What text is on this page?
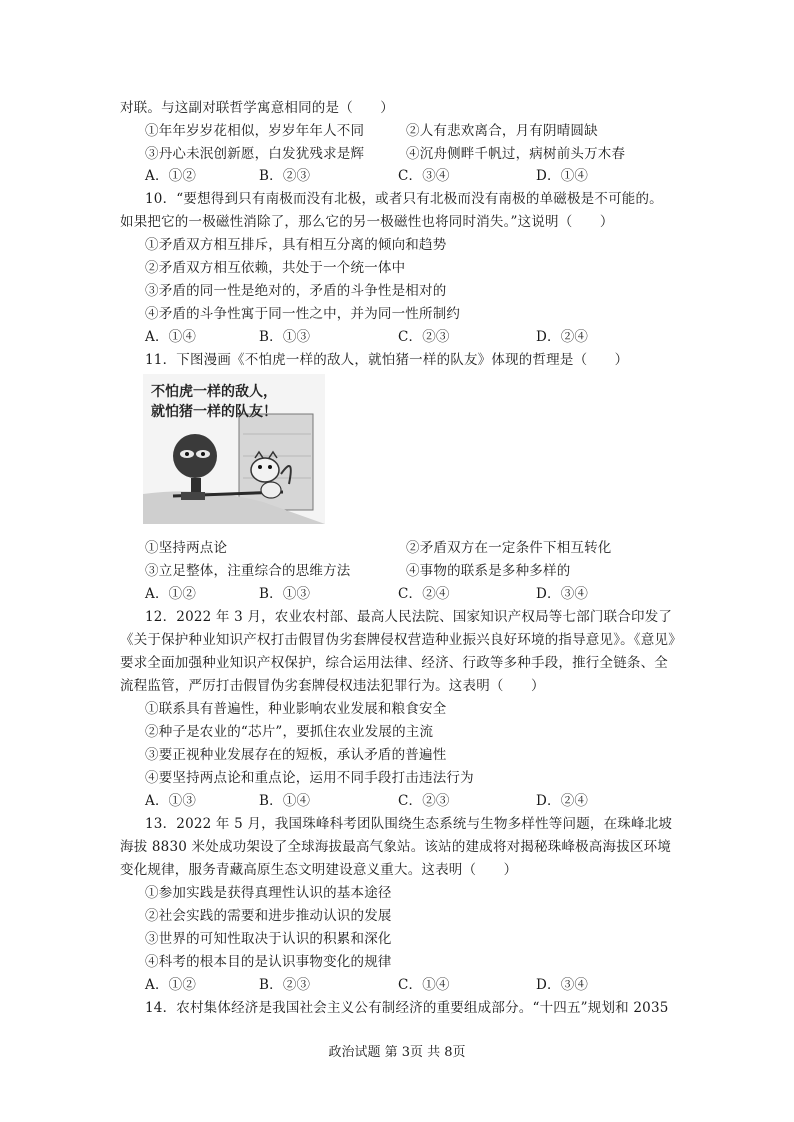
对联。与这副对联哲学寓意相同的是（　　）
①年年岁岁花相似，岁岁年年人不同	②人有悲欢离合，月有阴晴圆缺
③丹心未泯创新愿，白发犹残求是辉	④沉舟侧畔千帆过，病树前头万木春
A．①②	B．②③	C．③④	D．①④
10．“要想得到只有南极而没有北极，或者只有北极而没有南极的单磁极是不可能的。
如果把它的一极磁性消除了，那么它的另一极磁性也将同时消失。”这说明（　　）
①矛盾双方相互排斥，具有相互分离的倾向和趋势
②矛盾双方相互依赖，共处于一个统一体中
③矛盾的同一性是绝对的，矛盾的斗争性是相对的
④矛盾的斗争性寓于同一性之中，并为同一性所制约
A．①④	B．①③	C．②③	D．②④
11．下图漫画《不怕虎一样的敌人，就怕猪一样的队友》体现的哲理是（　　）
不怕虎一样的敌人，
就怕猪一样的队友！
①坚持两点论	②矛盾双方在一定条件下相互转化
③立足整体，注重综合的思维方法	④事物的联系是多种多样的
A．①②	B．①③	C．②④	D．③④
12．2022 年 3 月，农业农村部、最高人民法院、国家知识产权局等七部门联合印发了
《关于保护种业知识产权打击假冒伪劣套牌侵权营造种业振兴良好环境的指导意见》。《意见》
要求全面加强种业知识产权保护，综合运用法律、经济、行政等多种手段，推行全链条、全
流程监管，严厉打击假冒伪劣套牌侵权违法犯罪行为。这表明（　　）
①联系具有普遍性，种业影响农业发展和粮食安全
②种子是农业的“芯片”，要抓住农业发展的主流
③要正视种业发展存在的短板，承认矛盾的普遍性
④要坚持两点论和重点论，运用不同手段打击违法行为
A．①③	B．①④	C．②③	D．②④
13．2022 年 5 月，我国珠峰科考团队围绕生态系统与生物多样性等问题，在珠峰北坡
海拔 8830 米处成功架设了全球海拔最高气象站。该站的建成将对揭秘珠峰极高海拔区环境
变化规律，服务青藏高原生态文明建设意义重大。这表明（　　）
①参加实践是获得真理性认识的基本途径
②社会实践的需要和进步推动认识的发展
③世界的可知性取决于认识的积累和深化
④科考的根本目的是认识事物变化的规律
A．①②	B．②③	C．①④	D．③④
14．农村集体经济是我国社会主义公有制经济的重要组成部分。“十四五”规划和 2035
政治试题 第 3页 共 8页
